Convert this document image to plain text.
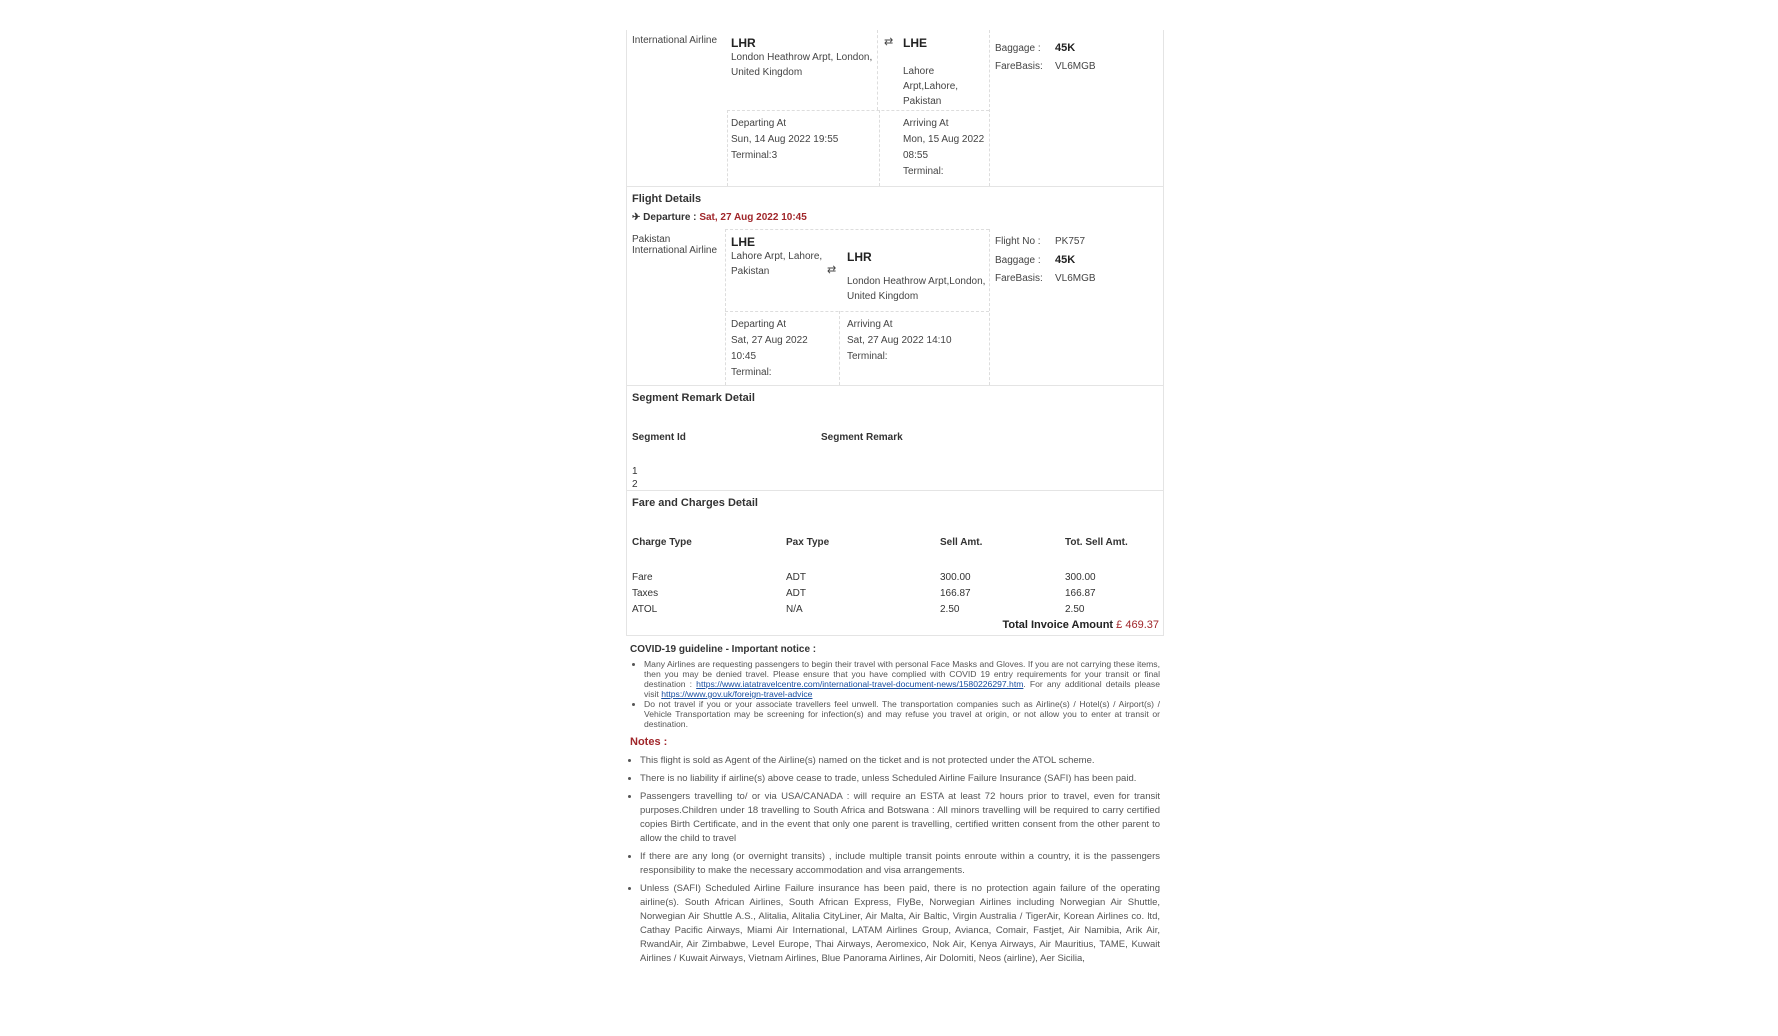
International Airline	LHR
London Heathrow Arpt, London, United Kingdom
⇄ LHE
Lahore Arpt,Lahore, Pakistan
Departing At
Sun, 14 Aug 2022 19:55
Terminal:3
Arriving At
Mon, 15 Aug 2022 08:55
Terminal:
Baggage : 45K
FareBasis: VL6MGB
Flight Details
✈ Departure : Sat, 27 Aug 2022 10:45
Pakistan International Airline
LHE
Lahore Arpt, Lahore, Pakistan	⇄
LHR
London Heathrow Arpt,London, United Kingdom
Departing At
Sat, 27 Aug 2022 10:45
Terminal:
Arriving At
Sat, 27 Aug 2022 14:10
Terminal:
Flight No : PK757
Baggage : 45K
FareBasis: VL6MGB
Segment Remark Detail
Segment Id	Segment Remark
1
2
Fare and Charges Detail
Charge Type	Pax Type	Sell Amt.	Tot. Sell Amt.
Fare	ADT	300.00	300.00
Taxes	ADT	166.87	166.87
ATOL	N/A	2.50	2.50
Total Invoice Amount £ 469.37
COVID-19 guideline - Important notice :
• Many Airlines are requesting passengers to begin their travel with personal Face Masks and Gloves. If you are not carrying these items, then you may be denied travel. Please ensure that you have complied with COVID 19 entry requirements for your transit or final destination : https://www.iatatravelcentre.com/international-travel-document-news/1580226297.htm. For any additional details please visit https://www.gov.uk/foreign-travel-advice
• Do not travel if you or your associate travellers feel unwell. The transportation companies such as Airline(s) / Hotel(s) / Airport(s) / Vehicle Transportation may be screening for infection(s) and may refuse you travel at origin, or not allow you to enter at transit or destination.
Notes :
• This flight is sold as Agent of the Airline(s) named on the ticket and is not protected under the ATOL scheme.
• There is no liability if airline(s) above cease to trade, unless Scheduled Airline Failure Insurance (SAFI) has been paid.
• Passengers travelling to/ or via USA/CANADA : will require an ESTA at least 72 hours prior to travel, even for transit purposes.Children under 18 travelling to South Africa and Botswana : All minors travelling will be required to carry certified copies Birth Certificate, and in the event that only one parent is travelling, certified written consent from the other parent to allow the child to travel
• If there are any long (or overnight transits) , include multiple transit points enroute within a country, it is the passengers responsibility to make the necessary accommodation and visa arrangements.
• Unless (SAFI) Scheduled Airline Failure insurance has been paid, there is no protection again failure of the operating airline(s). South African Airlines, South African Express, FlyBe, Norwegian Airlines including Norwegian Air Shuttle, Norwegian Air Shuttle A.S., Alitalia, Alitalia CityLiner, Air Malta, Air Baltic, Virgin Australia / TigerAir, Korean Airlines co. ltd, Cathay Pacific Airways, Miami Air International, LATAM Airlines Group, Avianca, Comair, Fastjet, Air Namibia, Arik Air, RwandAir, Air Zimbabwe, Level Europe, Thai Airways, Aeromexico, Nok Air, Kenya Airways, Air Mauritius, TAME, Kuwait Airlines / Kuwait Airways, Vietnam Airlines, Blue Panorama Airlines, Air Dolomiti, Neos (airline), Aer Sicilia,
